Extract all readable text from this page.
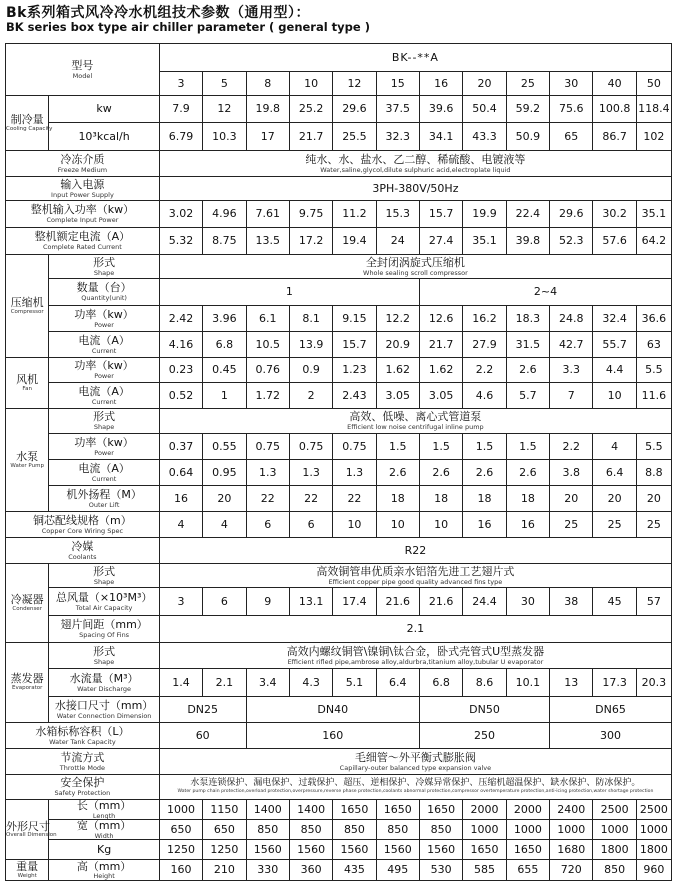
Bk系列箱式风冷冷水机组技术参数（通用型）：
BK series box type air chiller parameter ( general type )
型号
Model		BK--**A											
		3	5	8	10	12	15	16	20	25	30	40	50
制冷量
Cooling Capacity	kw	7.9	12	19.8	25.2	29.6	37.5	39.6	50.4	59.2	75.6	100.8	118.4
	10³kcal/h	6.79	10.3	17	21.7	25.5	32.3	34.1	43.3	50.9	65	86.7	102
冷冻介质
Freeze Medium		纯水、水、盐水、乙二醇、稀硫酸、电镀液等
Water,saline,glycol,dilute sulphuric acid,electroplate liquid											

输入电源
Input Power Supply		3PH-380V/50Hz											
整机输入功率（kw）
Complete Input Power		3.02	4.96	7.61	9.75	11.2	15.3	15.7	19.9	22.4	29.6	30.2	35.1
整机额定电流（A）
Complete Rated Current		5.32	8.75	13.5	17.2	19.4	24	27.4	35.1	39.8	52.3	57.6	64.2
压缩机
Compressor	形式
Shape	全封闭涡旋式压缩机
Whole sealing scroll compressor											

	数量（台）
Quantity(unit)	1						2~4					
	功率（kw）
Power	2.42	3.96	6.1	8.1	9.15	12.2	12.6	16.2	18.3	24.8	32.4	36.6
	电流（A）
Current	4.16	6.8	10.5	13.9	15.7	20.9	21.7	27.9	31.5	42.7	55.7	63
风机
Fan	功率（kw）
Power	0.23	0.45	0.76	0.9	1.23	1.62	1.62	2.2	2.6	3.3	4.4	5.5
	电流（A）
Current	0.52	1	1.72	2	2.43	3.05	3.05	4.6	5.7	7	10	11.6
水泵
Water Pump	形式
Shape	高效、低噪、离心式管道泵
Efficient low noise centrifugal inline pump											

	功率（kw）
Power	0.37	0.55	0.75	0.75	0.75	1.5	1.5	1.5	1.5	2.2	4	5.5
	电流（A）
Current	0.64	0.95	1.3	1.3	1.3	2.6	2.6	2.6	2.6	3.8	6.4	8.8
	机外扬程（M）
Outer Lift	16	20	22	22	22	18	18	18	18	20	20	20
铜芯配线规格（m）
Copper Core Wiring Spec		4	4	6	6	10	10	10	16	16	25	25	25
冷媒
Coolants		R22											
冷凝器
Condenser	形式
Shape	高效铜管串优质亲水铝箔先进工艺翅片式
Efficient copper pipe good quality advanced fins type											

	总风量（×10³M³）
Total Air Capacity	3	6	9	13.1	17.4	21.6	21.6	24.4	30	38	45	57
	翅片间距（mm）
Spacing Of Fins	2.1											
蒸发器
Evaporator	形式
Shape	高效内螺纹铜管\镍铜\钛合金，卧式壳管式U型蒸发器
Efficient rifled pipe,ambrose alloy,aldurbra,titanium alloy,tubular U evaporator											

	水流量（M³）
Water Discharge	1.4	2.1	3.4	4.3	5.1	6.4	6.8	8.6	10.1	13	17.3	20.3
	水接口尺寸（mm）
Water Connection Dimension	DN25		DN40				DN50			DN65		
水箱标称容积（L）
Water Tank Capacity		60		160				250			300		
节流方式
Throttle Mode		毛细管～外平衡式膨胀阀
Capillary-outer balanced type expansion valve											

安全保护
Safety Protection		水泵连锁保护、漏电保护、过载保护、超压、逆相保护、冷媒异常保护、压缩机超温保护、缺水保护、防冰保护。
Water pump chain protection,overload protection,overpressure,reverse phase protection,coolants abnormal protection,compressor overtemperature protection,anti-icing protection,water shortage protection											

外形尺寸
Overall Dimension	长（mm）
Length	1000	1150	1400	1400	1650	1650	1650	2000	2000	2400	2500	2500
	宽（mm）
Width	650	650	850	850	850	850	850	1000	1000	1000	1000	1000
	Kg	1250	1250	1560	1560	1560	1560	1560	1650	1650	1680	1800	1800
重量
Weight	高（mm）
Height	160	210	330	360	435	495	530	585	655	720	850	960
